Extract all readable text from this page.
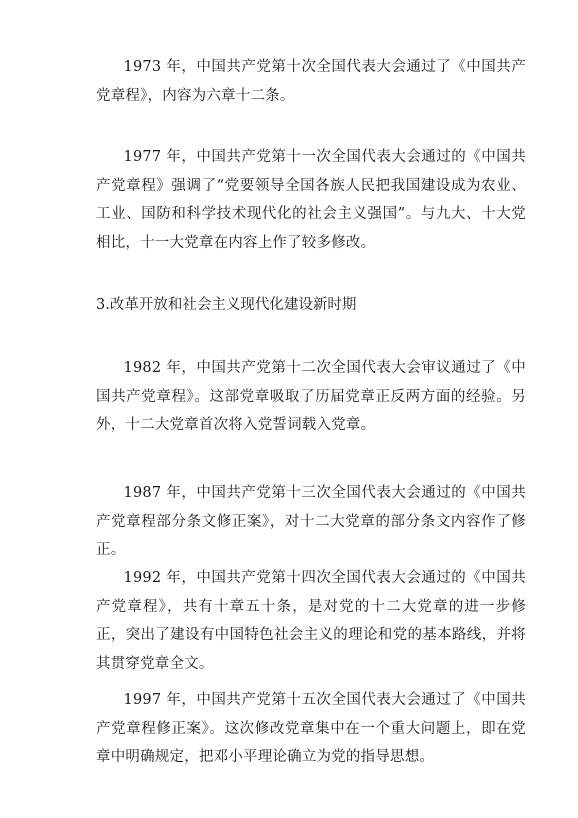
1973 年，中国共产党第十次全国代表大会通过了《中国共产党章程》，内容为六章十二条。

1977 年，中国共产党第十一次全国代表大会通过的《中国共产党章程》强调了“党要领导全国各族人民把我国建设成为农业、工业、国防和科学技术现代化的社会主义强国”。与九大、十大党相比，十一大党章在内容上作了较多修改。

3.改革开放和社会主义现代化建设新时期

1982 年，中国共产党第十二次全国代表大会审议通过了《中国共产党章程》。这部党章吸取了历届党章正反两方面的经验。另外，十二大党章首次将入党誓词载入党章。

1987 年，中国共产党第十三次全国代表大会通过的《中国共产党章程部分条文修正案》，对十二大党章的部分条文内容作了修正。

1992 年，中国共产党第十四次全国代表大会通过的《中国共产党章程》，共有十章五十条，是对党的十二大党章的进一步修正，突出了建设有中国特色社会主义的理论和党的基本路线，并将其贯穿党章全文。

1997 年，中国共产党第十五次全国代表大会通过了《中国共产党章程修正案》。这次修改党章集中在一个重大问题上，即在党章中明确规定，把邓小平理论确立为党的指导思想。
